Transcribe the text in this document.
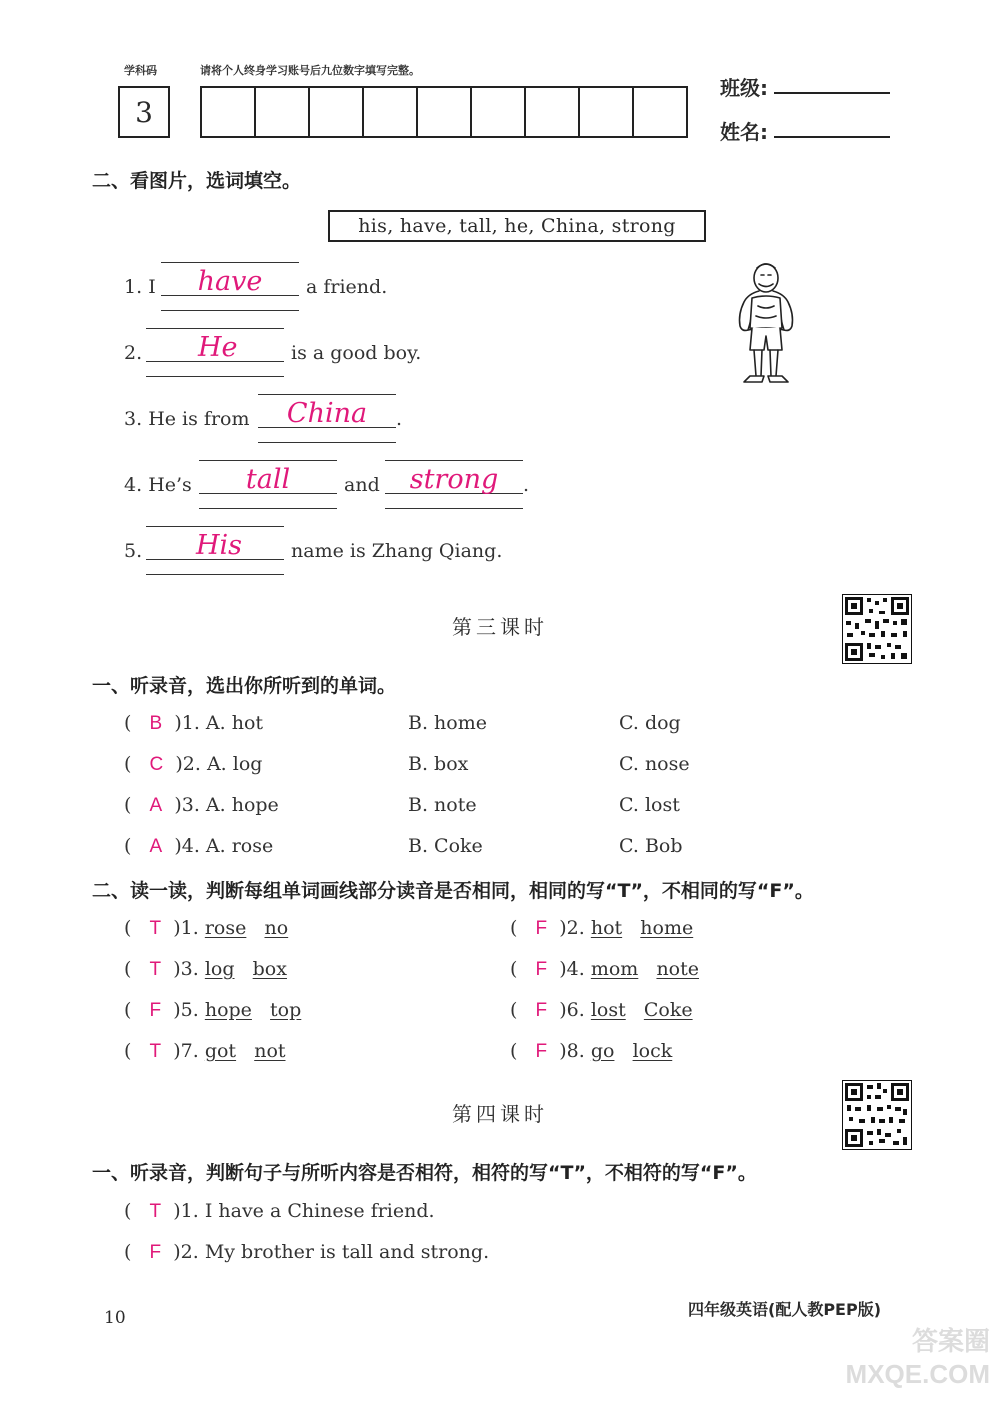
学科码	请将个人终身学习账号后九位数字填写完整。
3
班级:
姓名:
二、看图片，选词填空。
his, have, tall, he, China, strong
1. I	have	a friend.
2.	He	is a good boy.
3. He is from	China	.
4. He’s	tall	and	strong	.
5.	His	name is Zhang Qiang.
第三课时
一、听录音，选出你所听到的单词。
(   B )1. A. hot	B. home	C. dog
(   C )2. A. log	B. box	C. nose
(   A )3. A. hope	B. note	C. lost
(   A )4. A. rose	B. Coke	C. Bob
二、读一读，判断每组单词画线部分读音是否相同，相同的写“T”，不相同的写“F”。
(   T )1. rose no	(   F )2. hot home
(   T )3. log box	(   F )4. mom note
(   F )5. hope top	(   F )6. lost Coke
(   T )7. got not	(   F )8. go lock
第四课时
一、听录音，判断句子与所听内容是否相符，相符的写“T”，不相符的写“F”。
(   T )1. I have a Chinese friend.
(   F )2. My brother is tall and strong.
10	四年级英语(配人教PEP版)
答案圈 MXQE.COM
